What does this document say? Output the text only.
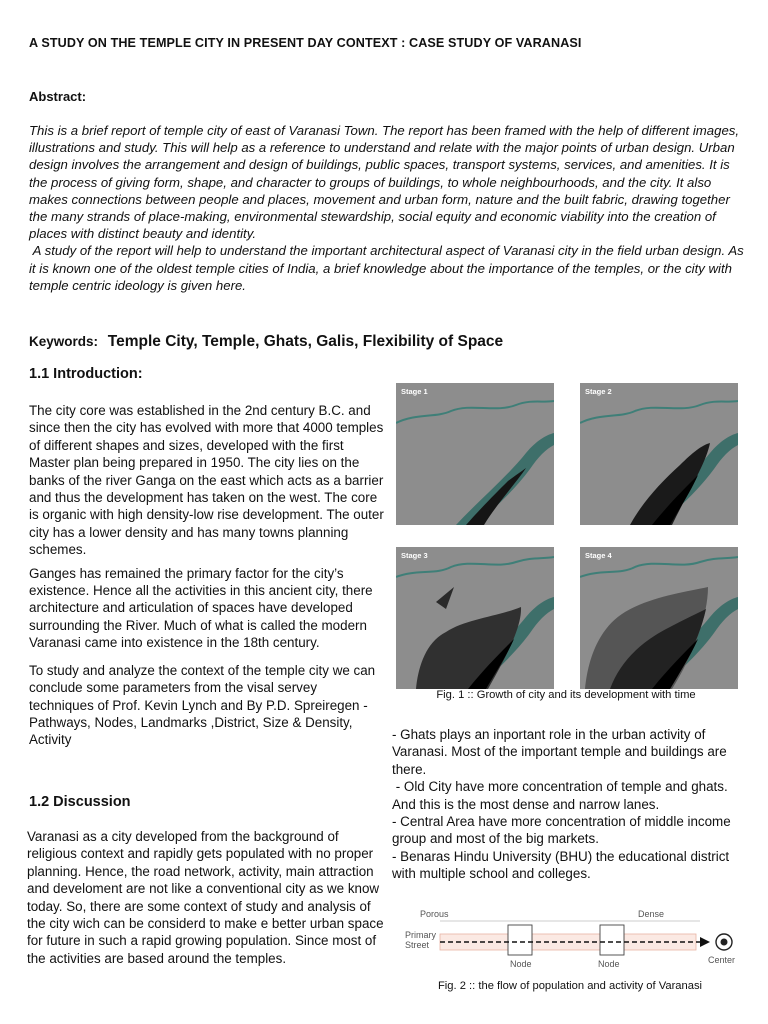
A STUDY ON THE TEMPLE CITY IN PRESENT DAY CONTEXT : CASE STUDY OF VARANASI
Abstract:

This is a brief report of temple city of east of Varanasi Town. The report has been framed with the help of different images, illustrations and study. This will help as a reference to understand and relate with the major points of urban design. Urban design involves the arrangement and design of buildings, public spaces, transport systems, services, and amenities. It is the process of giving form, shape, and character to groups of buildings, to whole neighbourhoods, and the city. It also makes connections between people and places, movement and urban form, nature and the built fabric, drawing together the many strands of place-making, environmental stewardship, social equity and economic viability into the creation of places with distinct beauty and identity.

A study of the report will help to understand the important architectural aspect of Varanasi city in the field urban design. As it is known one of the oldest temple cities of India, a brief knowledge about the importance of the temples, or the city with temple centric ideology is given here.

Keywords: Temple City, Temple, Ghats, Galis, Flexibility of Space
1.1 Introduction:

The city core was established in the 2nd century B.C. and since then the city has evolved with more that 4000 temples of different shapes and sizes, developed with the first Master plan being prepared in 1950. The city lies on the banks of the river Ganga on the east which acts as a barrier and thus the development has taken on the west. The core is organic with high density-low rise development. The outer city has a lower density and has many towns planning schemes.

Ganges has remained the primary factor for the city’s existence. Hence all the activities in this ancient city, there architecture and articulation of spaces have developed surrounding the River. Much of what is called the modern Varanasi came into existence in the 18th century.

To study and analyze the context of the temple city we can conclude some parameters from the visal servey techniques of Prof. Kevin Lynch and By P.D. Spreiregen - Pathways, Nodes, Landmarks ,District, Size & Density, Activity

1.2 Discussion

Varanasi as a city developed from the background of religious context and rapidly gets populated with no proper planning. Hence, the road network, activity, main attraction and develoment are not like a conventional city as we know today. So, there are some context of study and analysis of the city wich can be considerd to make e better urban space for future in such a rapid growing population. Since most of the activities are based around the temples.

Stage 1	Stage 2
Stage 3	Stage 4
Fig. 1 :: Growth of city and its development with time
- Ghats plays an inportant role in the urban activity of Varanasi. Most of the important temple and buildings are there.
- Old City have more concentration of temple and ghats. And this is the most dense and narrow lanes.
- Central Area have more concentration of middle income group and most of the big markets.
- Benaras Hindu University (BHU) the educational district with multiple school and colleges.
Porous	Dense
Primary
Street
Node	Node	Center
Fig. 2 :: the flow of population and activity of Varanasi
